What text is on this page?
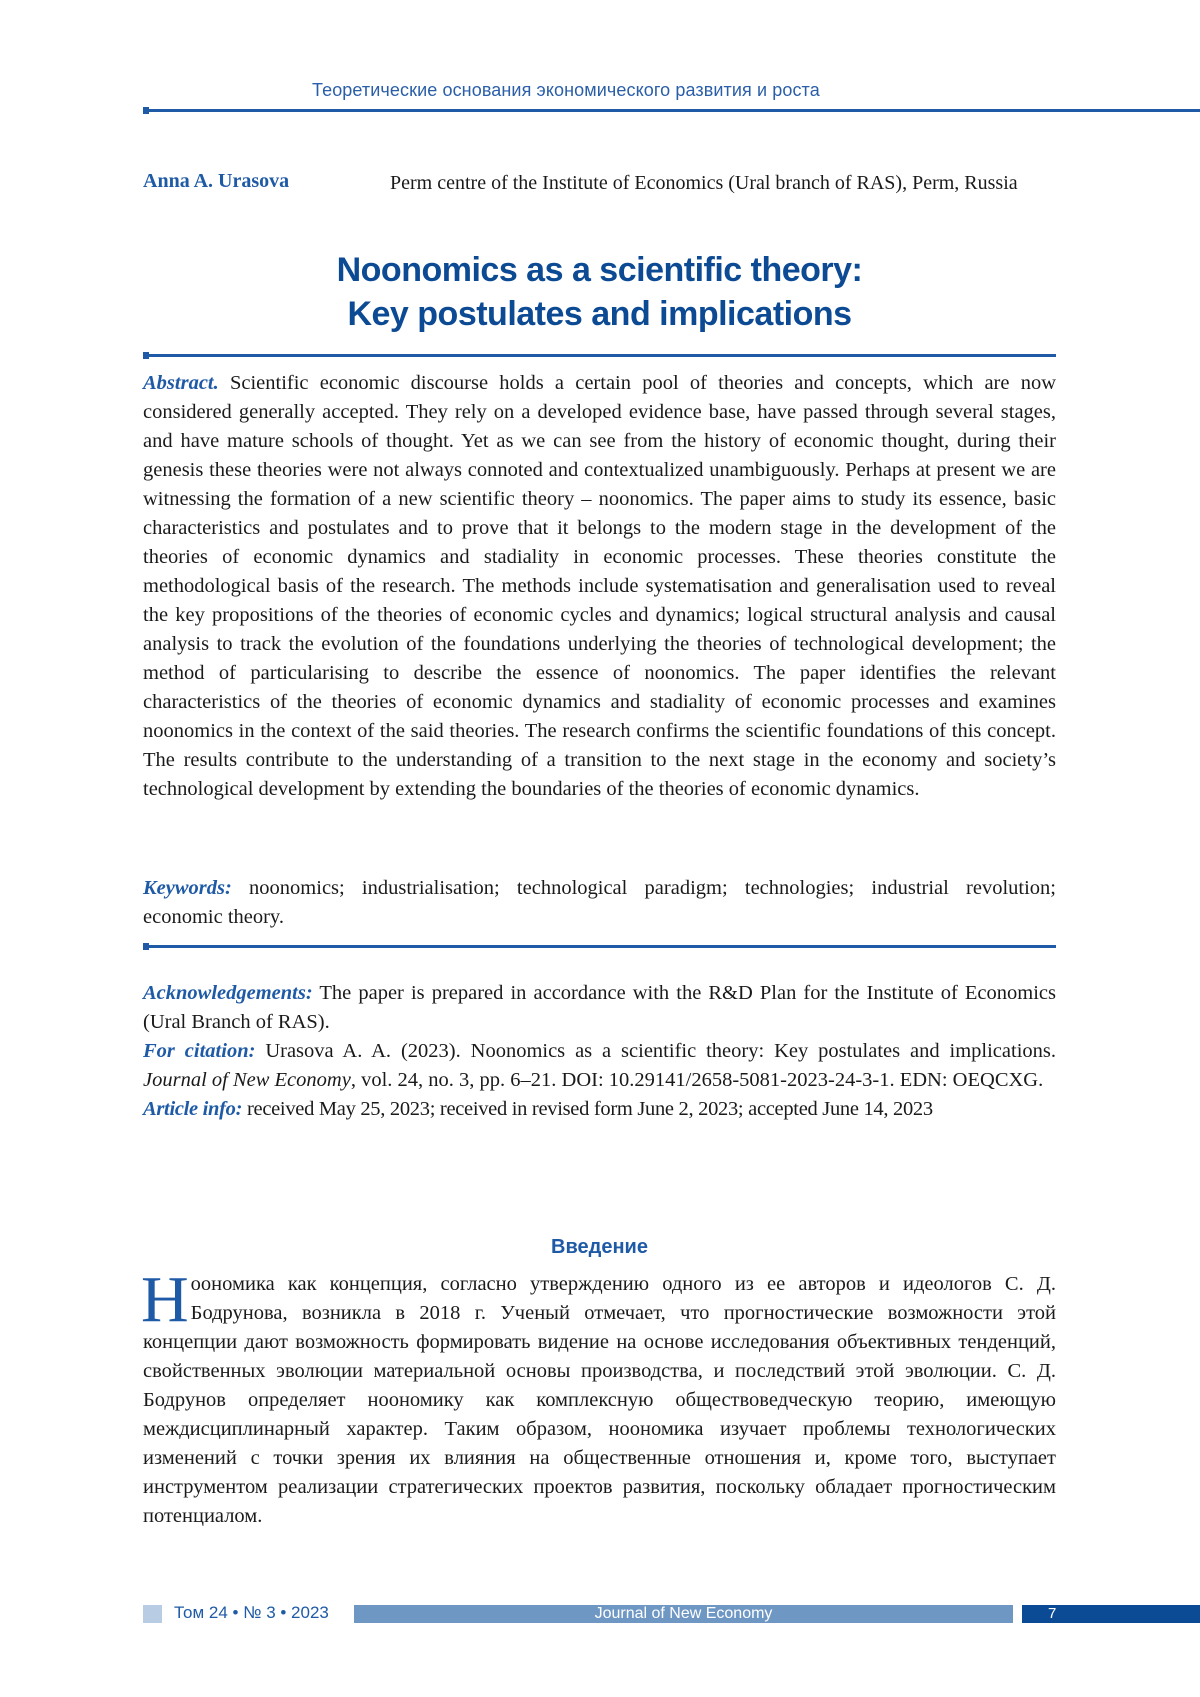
Теоретические основания экономического развития и роста
Anna A. Urasova	Perm centre of the Institute of Economics (Ural branch of RAS), Perm, Russia
Noonomics as a scientific theory:
Key postulates and implications
Abstract. Scientific economic discourse holds a certain pool of theories and concepts, which are now considered generally accepted. They rely on a developed evidence base, have passed through several stages, and have mature schools of thought. Yet as we can see from the history of economic thought, during their genesis these theories were not always connoted and contextualized unambiguously. Perhaps at present we are witnessing the formation of a new scientific theory – noonomics. The paper aims to study its essence, basic characteristics and postulates and to prove that it belongs to the modern stage in the development of the theories of economic dynamics and stadiality in economic processes. These theories constitute the methodological basis of the research. The methods include systematisation and generalisation used to reveal the key propositions of the theories of economic cycles and dynamics; logical structural analysis and causal analysis to track the evolution of the foundations underlying the theories of technological development; the method of particularising to describe the essence of noonomics. The paper identifies the relevant characteristics of the theories of economic dynamics and stadiality of economic processes and examines noonomics in the context of the said theories. The research confirms the scientific foundations of this concept. The results contribute to the understanding of a transition to the next stage in the economy and society’s technological development by extending the boundaries of the theories of economic dynamics.
Keywords: noonomics; industrialisation; technological paradigm; technologies; industrial revolution; economic theory.
Acknowledgements: The paper is prepared in accordance with the R&D Plan for the Institute of Economics (Ural Branch of RAS).
For citation: Urasova A. A. (2023). Noonomics as a scientific theory: Key postulates and implications. Journal of New Economy, vol. 24, no. 3, pp. 6–21. DOI: 10.29141/2658-5081-2023-24-3-1. EDN: OEQCXG.
Article info: received May 25, 2023; received in revised form June 2, 2023; accepted June 14, 2023
Введение
Н оономика как концепция, согласно утверждению одного из ее авторов и идеологов С. Д. Бодрунова, возникла в 2018 г. Ученый отмечает, что прогностические возможности этой концепции дают возможность формировать видение на основе исследования объективных тенденций, свойственных эволюции материальной основы производства, и последствий этой эволюции. С. Д. Бодрунов определяет ноономику как комплексную обществоведческую теорию, имеющую междисциплинарный характер. Таким образом, ноономика изучает проблемы технологических изменений с точки зрения их влияния на общественные отношения и, кроме того, выступает инструментом реализации стратегических проектов развития, поскольку обладает прогностическим потенциалом.
Том 24 • № 3 • 2023	Journal of New Economy	7
